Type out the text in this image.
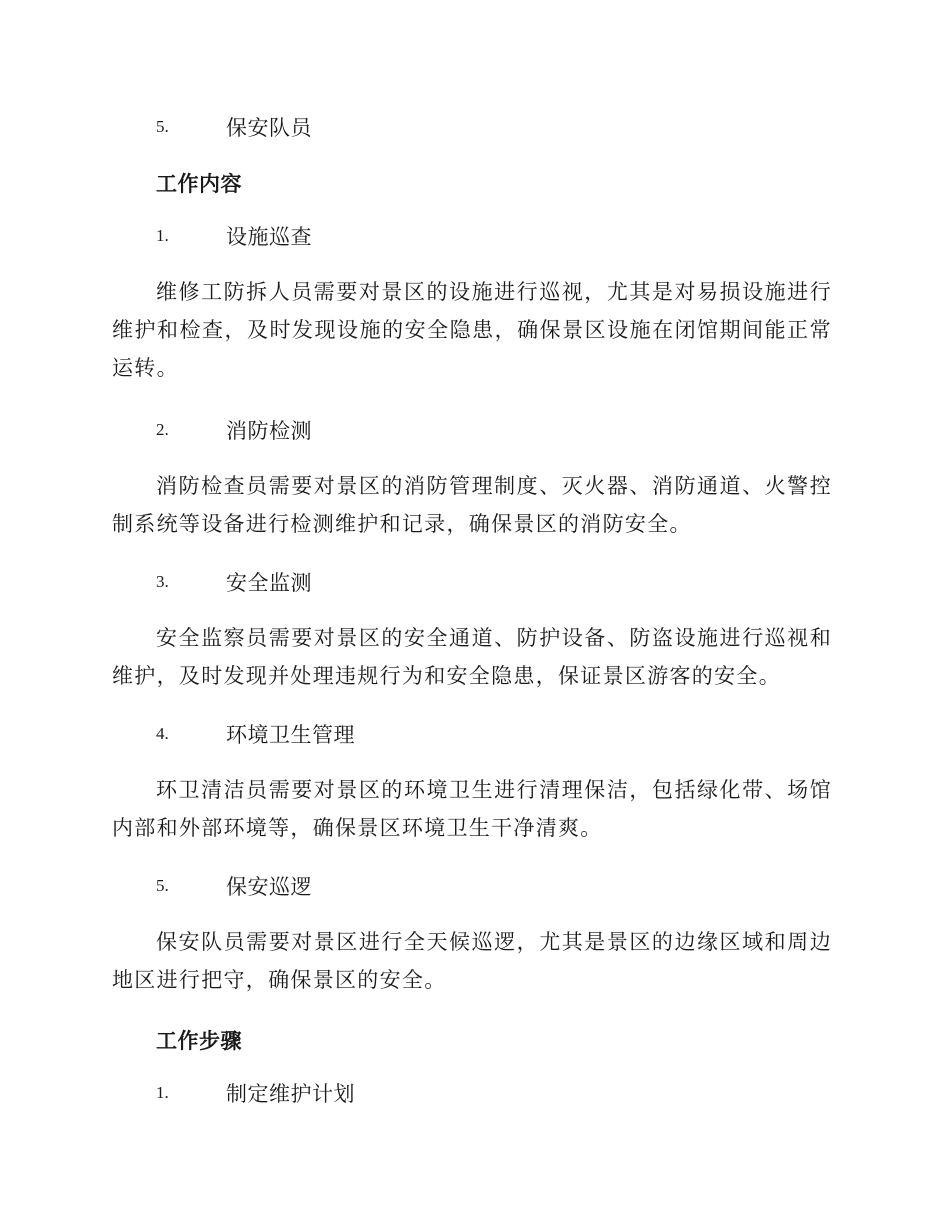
5.	保安队员
工作内容
1.	设施巡查

维修工防拆人员需要对景区的设施进行巡视，尤其是对易损设施进行维护和检查，及时发现设施的安全隐患，确保景区设施在闭馆期间能正常运转。

2.	消防检测

消防检查员需要对景区的消防管理制度、灭火器、消防通道、火警控制系统等设备进行检测维护和记录，确保景区的消防安全。

3.	安全监测

安全监察员需要对景区的安全通道、防护设备、防盗设施进行巡视和维护，及时发现并处理违规行为和安全隐患，保证景区游客的安全。

4.	环境卫生管理

环卫清洁员需要对景区的环境卫生进行清理保洁，包括绿化带、场馆内部和外部环境等，确保景区环境卫生干净清爽。

5.	保安巡逻

保安队员需要对景区进行全天候巡逻，尤其是景区的边缘区域和周边地区进行把守，确保景区的安全。

工作步骤
1.	制定维护计划
